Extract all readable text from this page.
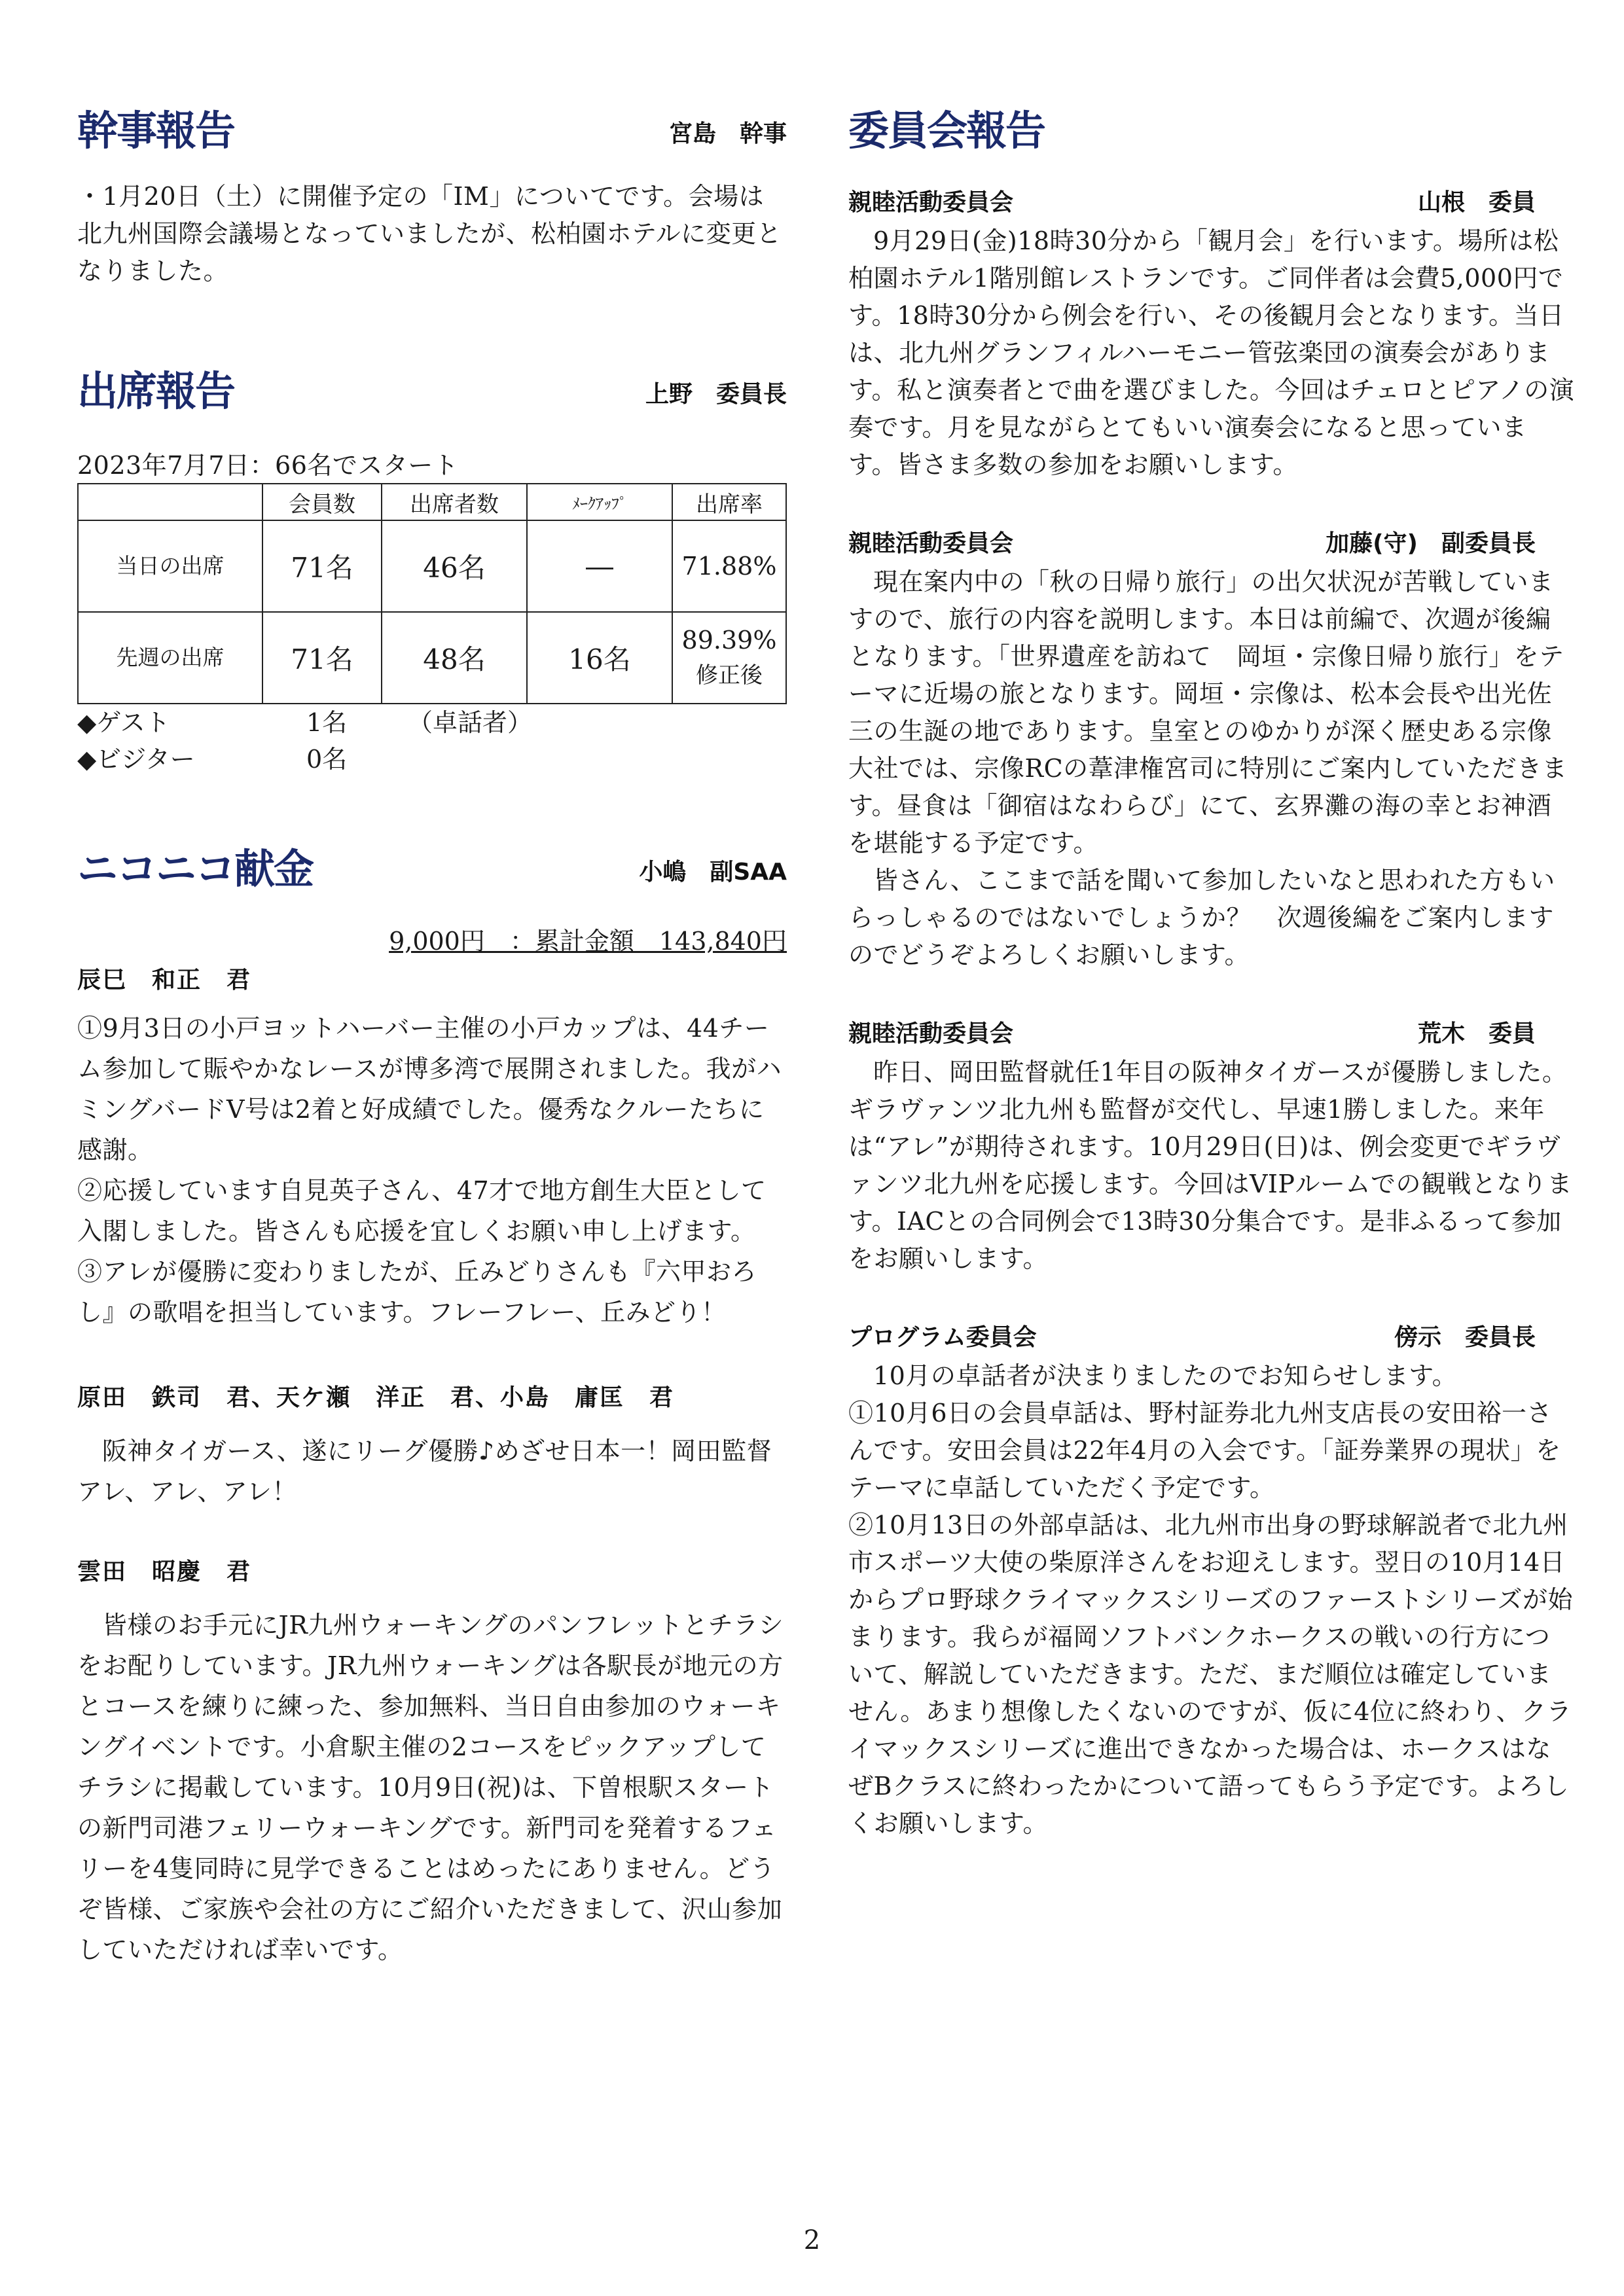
幹事報告	宮島　幹事

・1月20日（土）に開催予定の「IM」についてです。会場は北九州国際会議場となっていましたが、松柏園ホテルに変更となりました。

出席報告	上野　委員長

2023年7月7日：66名でスタート

	会員数	出席者数	ﾒｰｸｱｯﾌﾟ	出席率
当日の出席	71名	46名	―	71.88%

先週の出席	71名	48名	16名	89.39%
修正後
◆ゲスト	1名 （卓話者）
◆ビジター	0名
ニコニコ献金	小嶋　副SAA

9,000円　：累計金額　143,840円

辰巳　和正　君

①9月3日の小戸ヨットハーバー主催の小戸カップは、44チーム参加して賑やかなレースが博多湾で展開されました。我がハミングバードV号は2着と好成績でした。優秀なクルーたちに感謝。

②応援しています自見英子さん、47才で地方創生大臣として入閣しました。皆さんも応援を宜しくお願い申し上げます。

③アレが優勝に変わりましたが、丘みどりさんも『六甲おろし』の歌唱を担当しています。フレーフレー、丘みどり！

原田　鉄司　君、天ケ瀬　洋正　君、小島　庸匡　君

阪神タイガース、遂にリーグ優勝♪めざせ日本一！岡田監督　アレ、アレ、アレ！

雲田　昭慶　君

皆様のお手元にJR九州ウォーキングのパンフレットとチラシをお配りしています。JR九州ウォーキングは各駅長が地元の方とコースを練りに練った、参加無料、当日自由参加のウォーキングイベントです。小倉駅主催の2コースをピックアップしてチラシに掲載しています。10月9日(祝)は、下曽根駅スタートの新門司港フェリーウォーキングです。新門司を発着するフェリーを4隻同時に見学できることはめったにありません。どうぞ皆様、ご家族や会社の方にご紹介いただきまして、沢山参加していただければ幸いです。

委員会報告
親睦活動委員会	山根　委員

9月29日(金)18時30分から「観月会」を行います。場所は松柏園ホテル1階別館レストランです。ご同伴者は会費5,000円です。18時30分から例会を行い、その後観月会となります。当日は、北九州グランフィルハーモニー管弦楽団の演奏会があります。私と演奏者とで曲を選びました。今回はチェロとピアノの演奏です。月を見ながらとてもいい演奏会になると思っています。皆さま多数の参加をお願いします。

親睦活動委員会	加藤(守)　副委員長

現在案内中の「秋の日帰り旅行」の出欠状況が苦戦していますので、旅行の内容を説明します。本日は前編で、次週が後編となります。「世界遺産を訪ねて　岡垣・宗像日帰り旅行」をテーマに近場の旅となります。岡垣・宗像は、松本会長や出光佐三の生誕の地であります。皇室とのゆかりが深く歴史ある宗像大社では、宗像RCの葦津権宮司に特別にご案内していただきます。昼食は「御宿はなわらび」にて、玄界灘の海の幸とお神酒を堪能する予定です。

皆さん、ここまで話を聞いて参加したいなと思われた方もいらっしゃるのではないでしょうか？　次週後編をご案内しますのでどうぞよろしくお願いします。

親睦活動委員会	荒木　委員

昨日、岡田監督就任1年目の阪神タイガースが優勝しました。ギラヴァンツ北九州も監督が交代し、早速1勝しました。来年は“アレ”が期待されます。10月29日(日)は、例会変更でギラヴァンツ北九州を応援します。今回はVIPルームでの観戦となります。IACとの合同例会で13時30分集合です。是非ふるって参加をお願いします。

プログラム委員会	傍示　委員長

10月の卓話者が決まりましたのでお知らせします。

①10月6日の会員卓話は、野村証券北九州支店長の安田裕一さんです。安田会員は22年4月の入会です。「証券業界の現状」をテーマに卓話していただく予定です。

②10月13日の外部卓話は、北九州市出身の野球解説者で北九州市スポーツ大使の柴原洋さんをお迎えします。翌日の10月14日からプロ野球クライマックスシリーズのファーストシリーズが始まります。我らが福岡ソフトバンクホークスの戦いの行方について、解説していただきます。ただ、まだ順位は確定していません。あまり想像したくないのですが、仮に4位に終わり、クライマックスシリーズに進出できなかった場合は、ホークスはなぜBクラスに終わったかについて語ってもらう予定です。よろしくお願いします。

2
